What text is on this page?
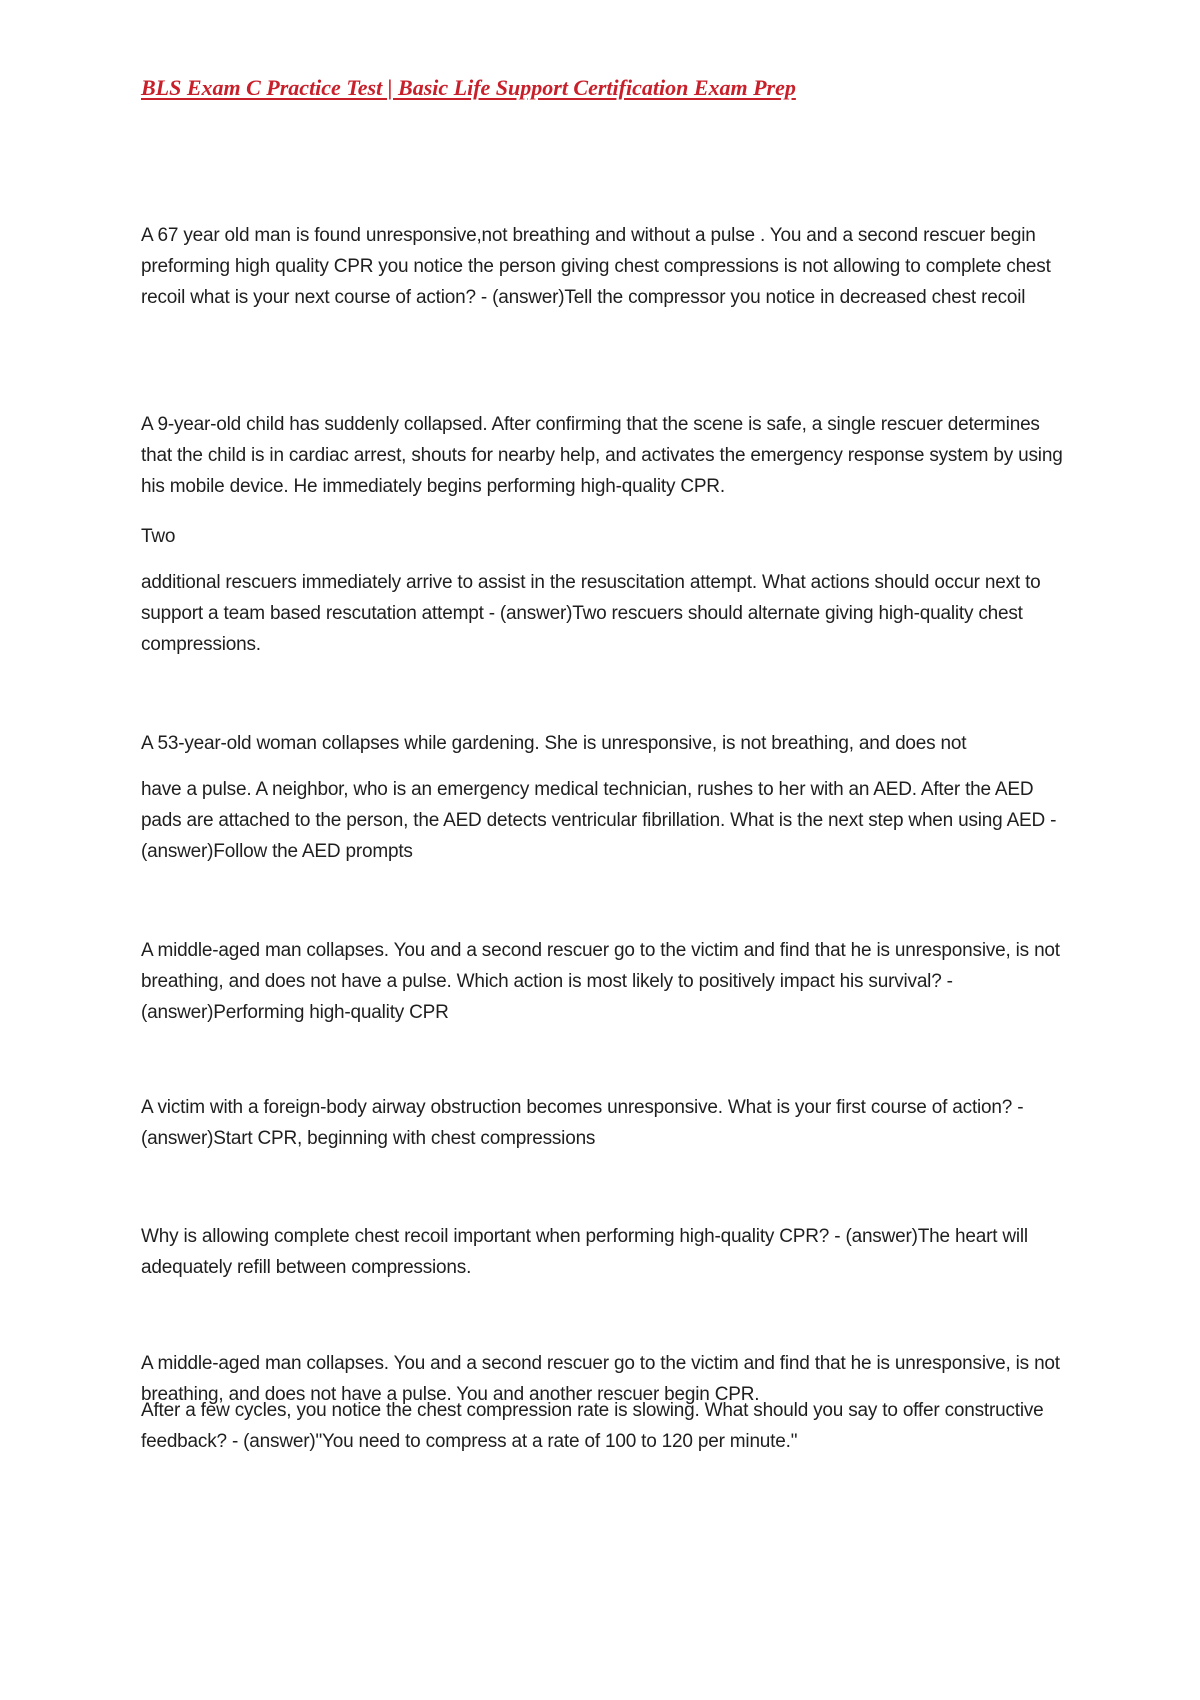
BLS Exam C Practice Test | Basic Life Support Certification Exam Prep

A 67 year old man is found unresponsive,not breathing and without a pulse . You and a second rescuer begin preforming high quality CPR you notice the person giving chest compressions is not allowing to complete chest recoil what is your next course of action? - (answer)Tell the compressor you notice in decreased chest recoil

A 9-year-old child has suddenly collapsed. After confirming that the scene is safe, a single rescuer determines that the child is in cardiac arrest, shouts for nearby help, and activates the emergency response system by using his mobile device. He immediately begins performing high-quality CPR.

Two

additional rescuers immediately arrive to assist in the resuscitation attempt. What actions should occur next to support a team based rescutation attempt - (answer)Two rescuers should alternate giving high-quality chest compressions.

A 53-year-old woman collapses while gardening. She is unresponsive, is not breathing, and does not

have a pulse. A neighbor, who is an emergency medical technician, rushes to her with an AED. After the AED pads are attached to the person, the AED detects ventricular fibrillation. What is the next step when using AED - (answer)Follow the AED prompts

A middle-aged man collapses. You and a second rescuer go to the victim and find that he is unresponsive, is not breathing, and does not have a pulse. Which action is most likely to positively impact his survival? - (answer)Performing high-quality CPR

A victim with a foreign-body airway obstruction becomes unresponsive. What is your first course of action? - (answer)Start CPR, beginning with chest compressions

Why is allowing complete chest recoil important when performing high-quality CPR? - (answer)The heart will adequately refill between compressions.

A middle-aged man collapses. You and a second rescuer go to the victim and find that he is unresponsive, is not breathing, and does not have a pulse. You and another rescuer begin CPR.

After a few cycles, you notice the chest compression rate is slowing. What should you say to offer constructive feedback? - (answer)"You need to compress at a rate of 100 to 120 per minute."
